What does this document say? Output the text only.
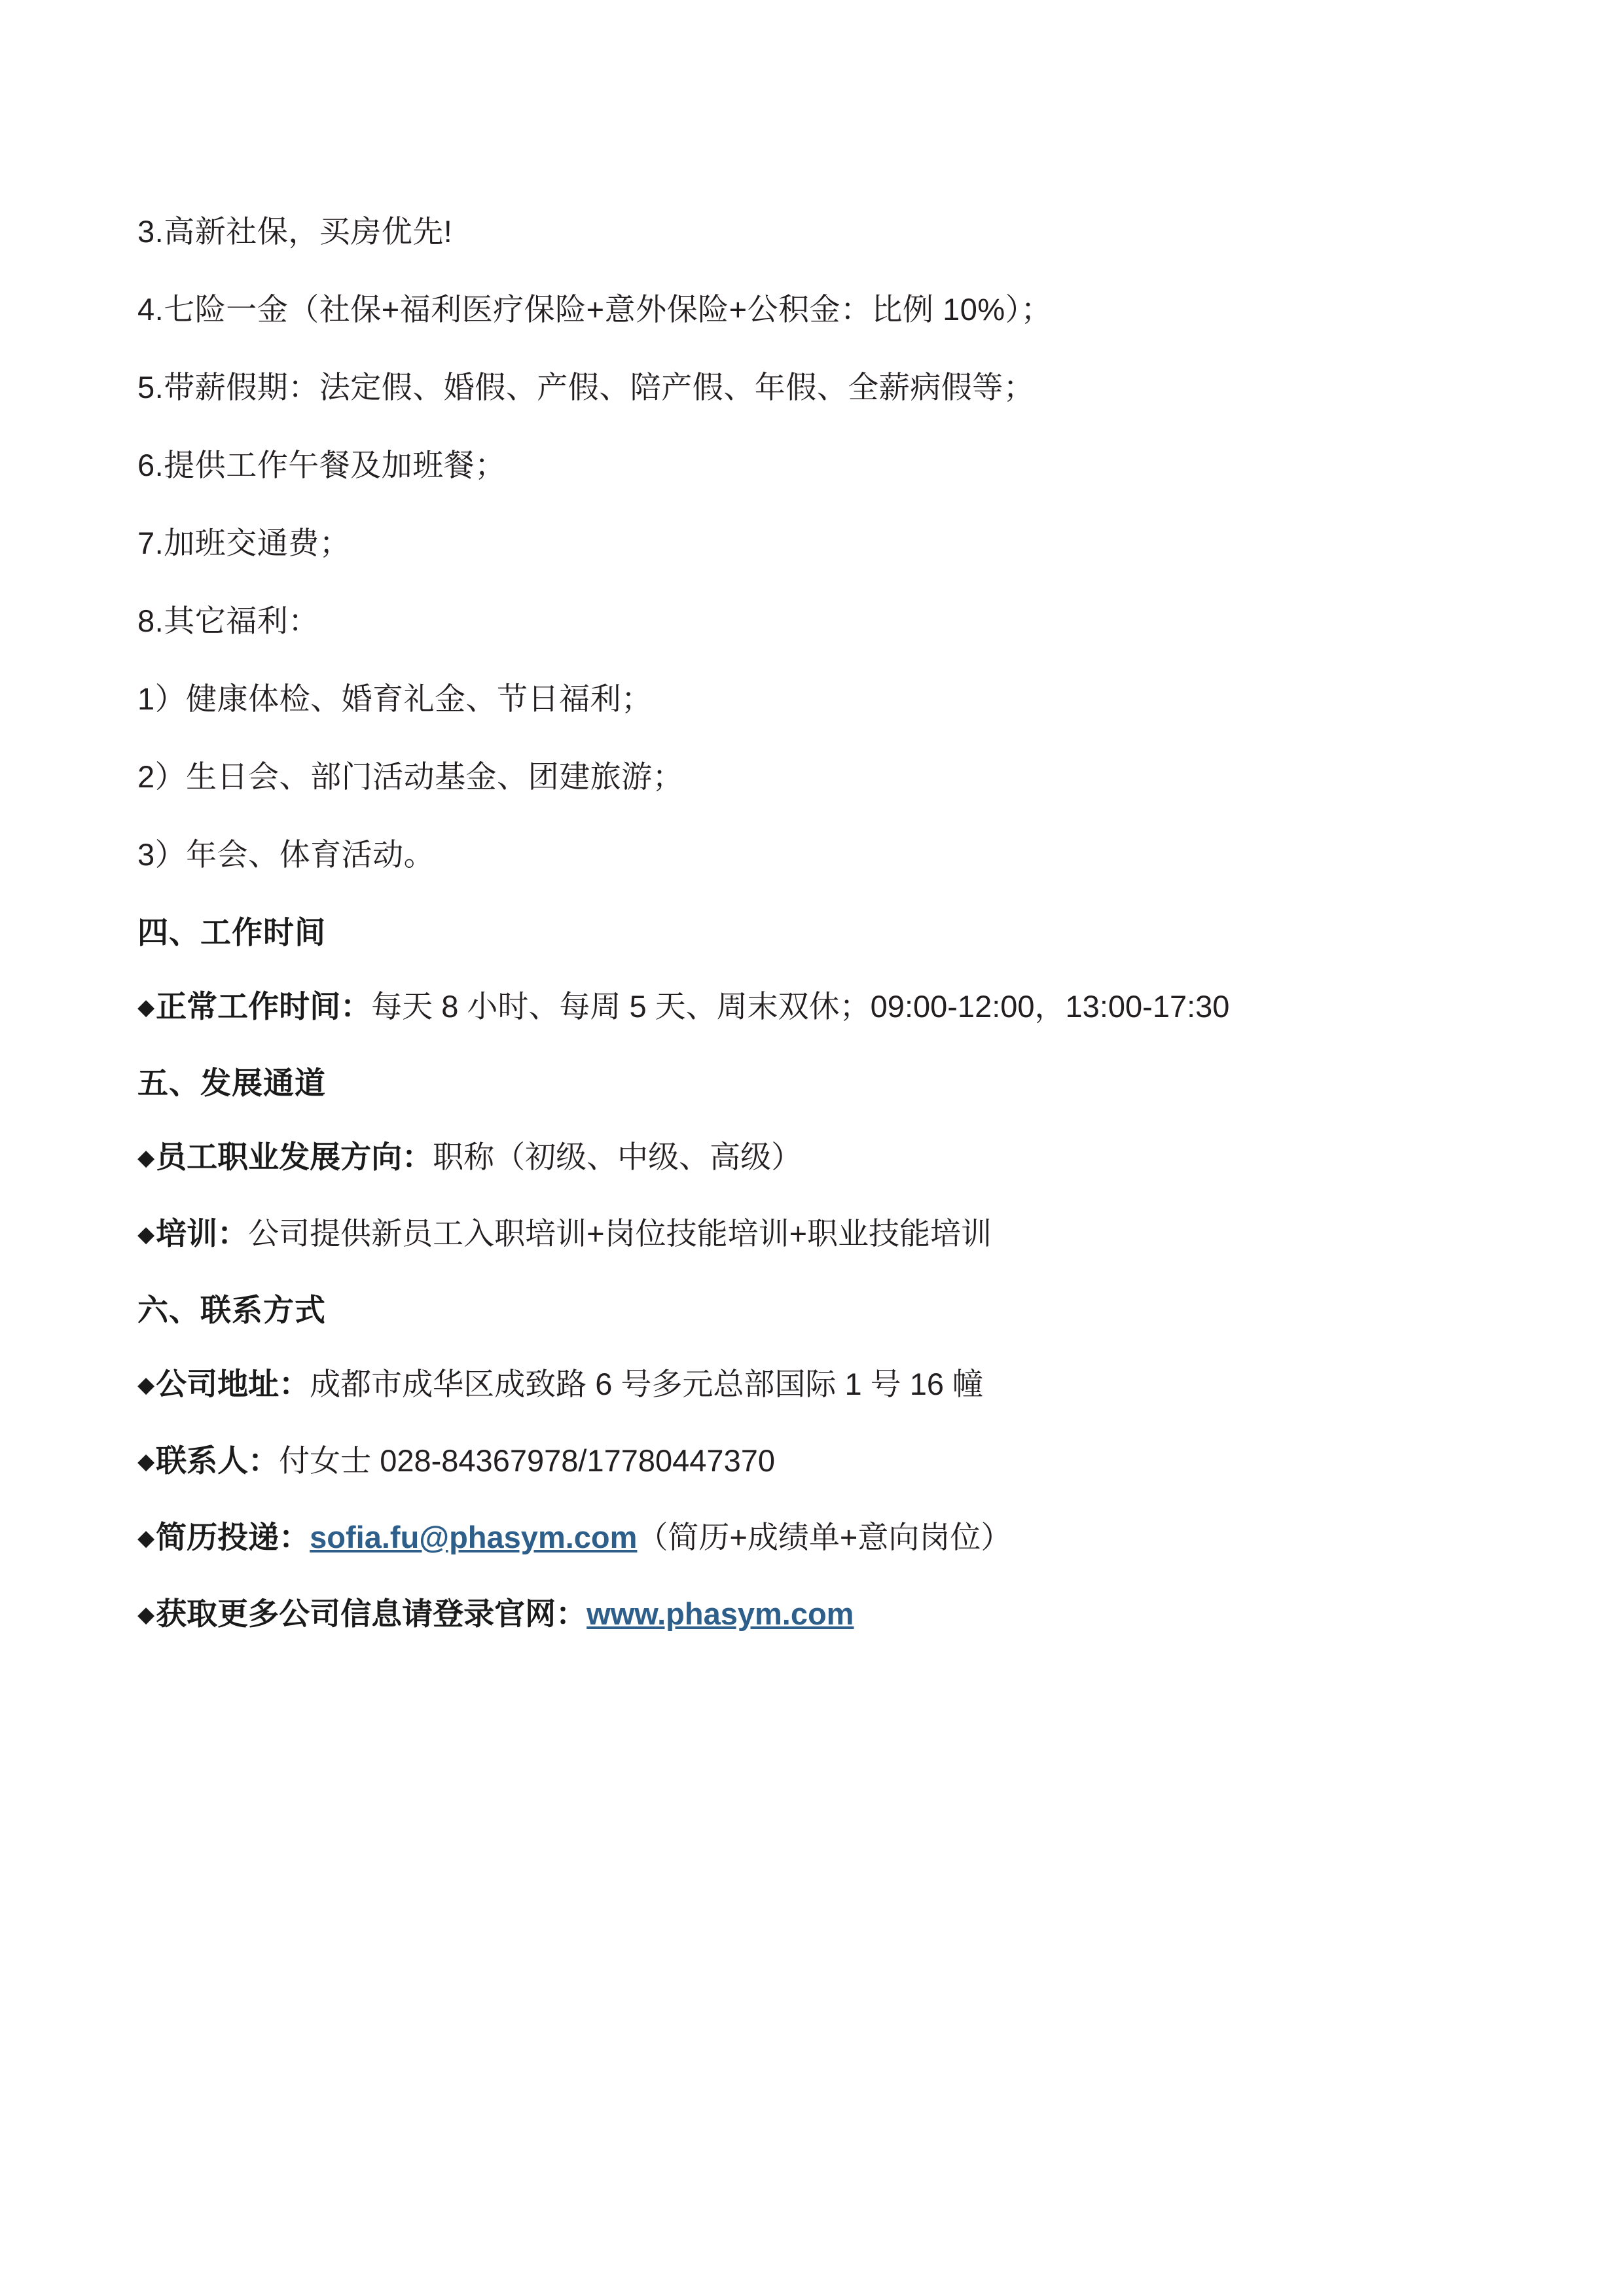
3.高新社保，买房优先!

4.七险一金（社保+福利医疗保险+意外保险+公积金：比例 10%）；

5.带薪假期：法定假、婚假、产假、陪产假、年假、全薪病假等；

6.提供工作午餐及加班餐；

7.加班交通费；

8.其它福利：

1）健康体检、婚育礼金、节日福利；

2）生日会、部门活动基金、团建旅游；

3）年会、体育活动。

四、工作时间

◆正常工作时间：每天 8 小时、每周 5 天、周末双休；09:00-12:00，13:00-17:30

五、发展通道

◆员工职业发展方向：职称（初级、中级、高级）

◆培训：公司提供新员工入职培训+岗位技能培训+职业技能培训

六、联系方式

◆公司地址：成都市成华区成致路 6 号多元总部国际 1 号 16 幢

◆联系人：付女士 028-84367978/17780447370

◆简历投递：sofia.fu@phasym.com（简历+成绩单+意向岗位）

◆获取更多公司信息请登录官网：www.phasym.com
